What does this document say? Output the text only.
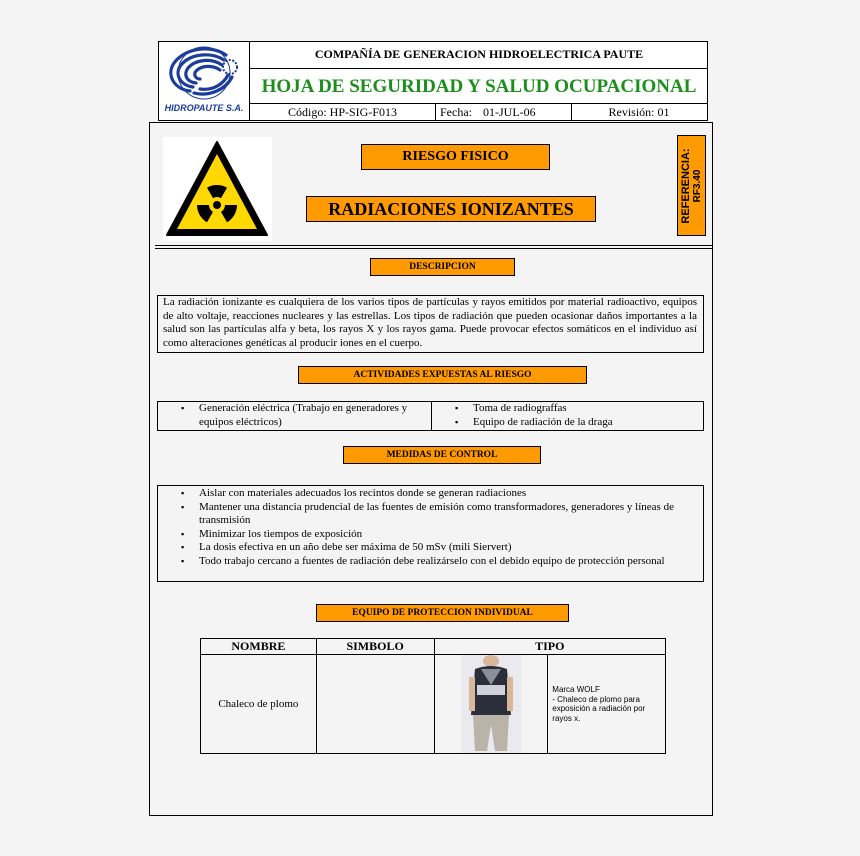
HIDROPAUTE S.A.
COMPAÑÍA DE GENERACION HIDROELECTRICA PAUTE
HOJA DE SEGURIDAD Y SALUD OCUPACIONAL
Código: HP-SIG-F013	Fecha: 01-JUL-06	Revisión: 01
RIESGO FISICO
RADIACIONES IONIZANTES	REFERENCIA: RF3.40
DESCRIPCION
La radiación ionizante es cualquiera de los varios tipos de partículas y rayos emitidos por material radioactivo, equipos de alto voltaje, reacciones nucleares y las estrellas. Los tipos de radiación que pueden ocasionar daños importantes a la salud son las partículas alfa y beta, los rayos X y los rayos gama. Puede provocar efectos somáticos en el individuo así como alteraciones genéticas al producir iones en el cuerpo.
ACTIVIDADES EXPUESTAS AL RIESGO
▪ Generación eléctrica (Trabajo en generadores y equipos eléctricos)
▪ Toma de radiograffas
▪ Equipo de radiación de la draga
MEDIDAS DE CONTROL
▪ Aislar con materiales adecuados los recintos donde se generan radiaciones
▪ Mantener una distancia prudencial de las fuentes de emisión como transformadores, generadores y líneas de transmisión
▪ Minimizar los tiempos de exposición
▪ La dosis efectiva en un año debe ser máxima de 50 mSv (mili Siervert)
▪ Todo trabajo cercano a fuentes de radiación debe realizárselo con el debido equipo de protección personal
EQUIPO DE PROTECCION INDIVIDUAL
NOMBRE	SIMBOLO	TIPO	
Chaleco de plomo			Marca WOLF
- Chaleco de plomo para exposición a radiación por rayos x.
